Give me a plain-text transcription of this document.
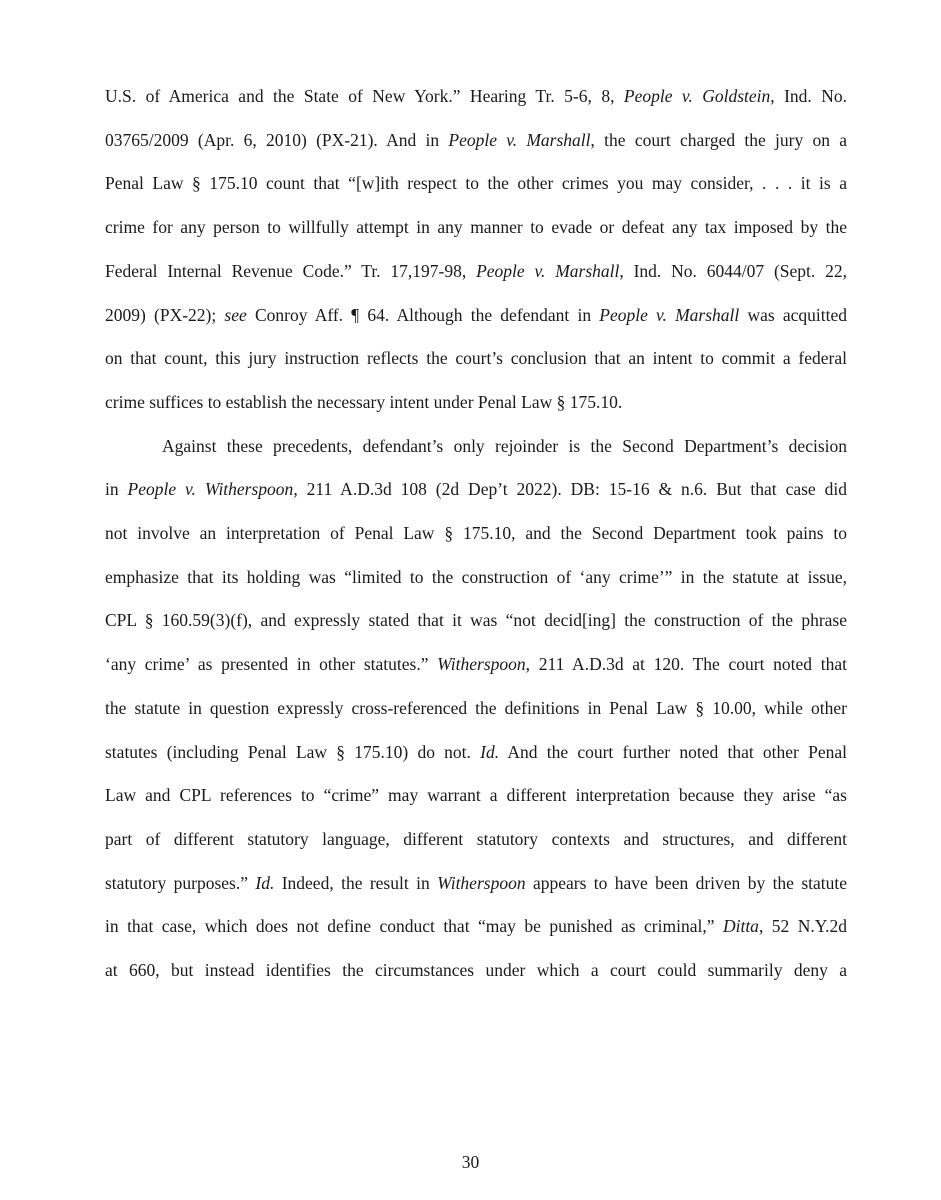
U.S. of America and the State of New York.” Hearing Tr. 5-6, 8, People v. Goldstein, Ind. No.
03765/2009 (Apr. 6, 2010) (PX-21). And in People v. Marshall, the court charged the jury on a
Penal Law § 175.10 count that “[w]ith respect to the other crimes you may consider, . . . it is a
crime for any person to willfully attempt in any manner to evade or defeat any tax imposed by the
Federal Internal Revenue Code.” Tr. 17,197-98, People v. Marshall, Ind. No. 6044/07 (Sept. 22,
2009) (PX-22); see Conroy Aff. ¶ 64. Although the defendant in People v. Marshall was acquitted
on that count, this jury instruction reflects the court’s conclusion that an intent to commit a federal
crime suffices to establish the necessary intent under Penal Law § 175.10.
Against these precedents, defendant’s only rejoinder is the Second Department’s decision
in People v. Witherspoon, 211 A.D.3d 108 (2d Dep’t 2022). DB: 15-16 & n.6. But that case did
not involve an interpretation of Penal Law § 175.10, and the Second Department took pains to
emphasize that its holding was “limited to the construction of ‘any crime’” in the statute at issue,
CPL § 160.59(3)(f), and expressly stated that it was “not decid[ing] the construction of the phrase
‘any crime’ as presented in other statutes.” Witherspoon, 211 A.D.3d at 120. The court noted that
the statute in question expressly cross-referenced the definitions in Penal Law § 10.00, while other
statutes (including Penal Law § 175.10) do not. Id. And the court further noted that other Penal
Law and CPL references to “crime” may warrant a different interpretation because they arise “as
part of different statutory language, different statutory contexts and structures, and different
statutory purposes.” Id. Indeed, the result in Witherspoon appears to have been driven by the statute
in that case, which does not define conduct that “may be punished as criminal,” Ditta, 52 N.Y.2d
at 660, but instead identifies the circumstances under which a court could summarily deny a
30
